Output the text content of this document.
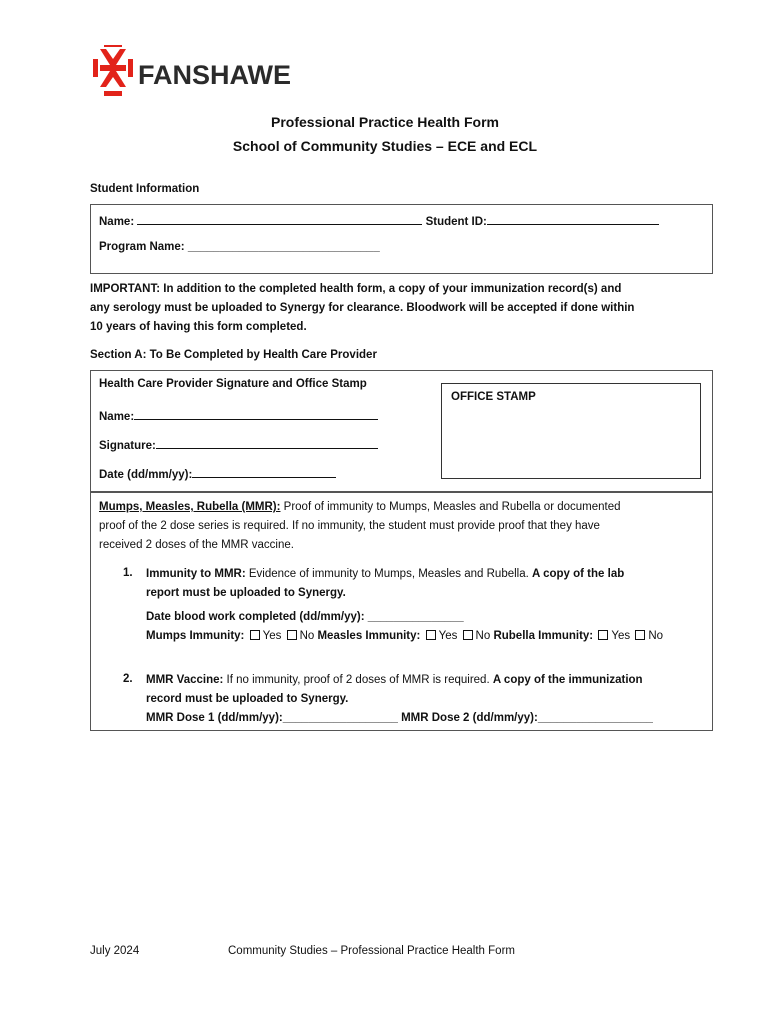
FANSHAWE
Professional Practice Health Form
School of Community Studies – ECE and ECL
Student Information
Name:	Student ID:
Program Name: ______________________________
IMPORTANT: In addition to the completed health form, a copy of your immunization record(s) and
any serology must be uploaded to Synergy for clearance. Bloodwork will be accepted if done within
10 years of having this form completed.
Section A: To Be Completed by Health Care Provider
Health Care Provider Signature and Office Stamp
Name:
Signature:
Date (dd/mm/yy):
OFFICE STAMP
Mumps, Measles, Rubella (MMR): Proof of immunity to Mumps, Measles and Rubella or documented
proof of the 2 dose series is required. If no immunity, the student must provide proof that they have
received 2 doses of the MMR vaccine.
1. Immunity to MMR: Evidence of immunity to Mumps, Measles and Rubella. A copy of the lab
report must be uploaded to Synergy.
Date blood work completed (dd/mm/yy): _______________
Mumps Immunity: Yes No Measles Immunity: Yes No Rubella Immunity: Yes No
2. MMR Vaccine: If no immunity, proof of 2 doses of MMR is required. A copy of the immunization
record must be uploaded to Synergy.
MMR Dose 1 (dd/mm/yy):__________________ MMR Dose 2 (dd/mm/yy):__________________
July 2024	Community Studies – Professional Practice Health Form
